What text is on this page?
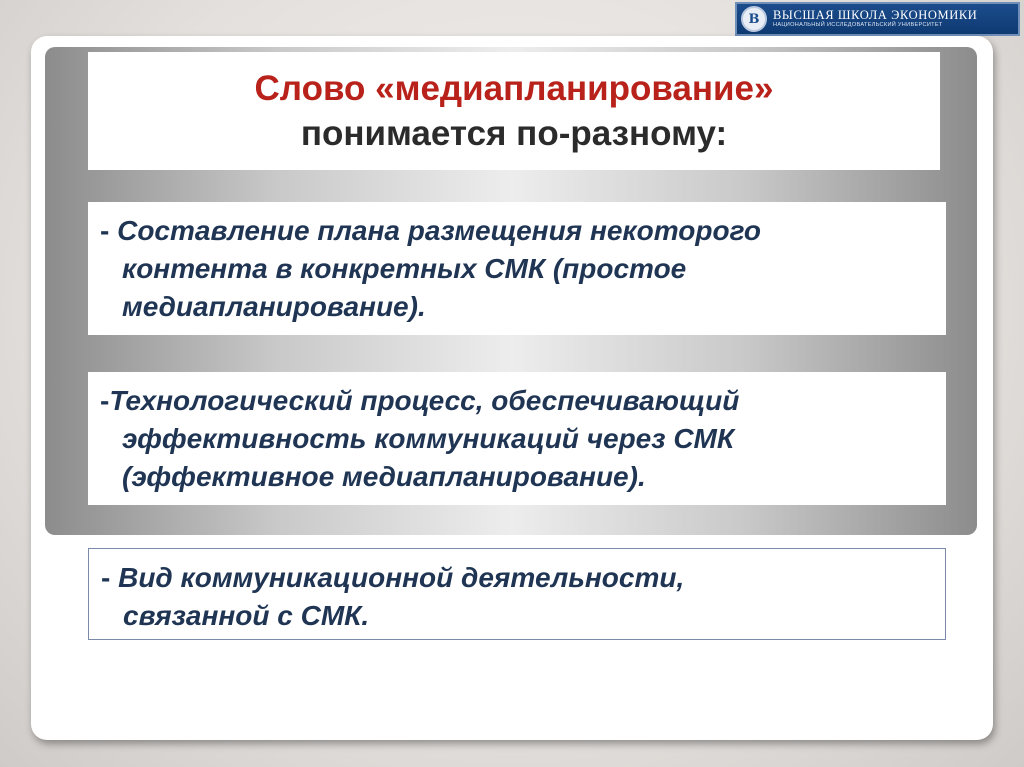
В	ВЫСШАЯ ШКОЛА ЭКОНОМИКИ
НАЦИОНАЛЬНЫЙ ИССЛЕДОВАТЕЛЬСКИЙ УНИВЕРСИТЕТ
Слово «медиапланирование»
понимается по-разному:
- Составление плана размещения некоторого
контента в конкретных СМК (простое
медиапланирование).
-Технологический процесс, обеспечивающий
эффективность коммуникаций через СМК
(эффективное медиапланирование).
- Вид коммуникационной деятельности,
связанной с СМК.
